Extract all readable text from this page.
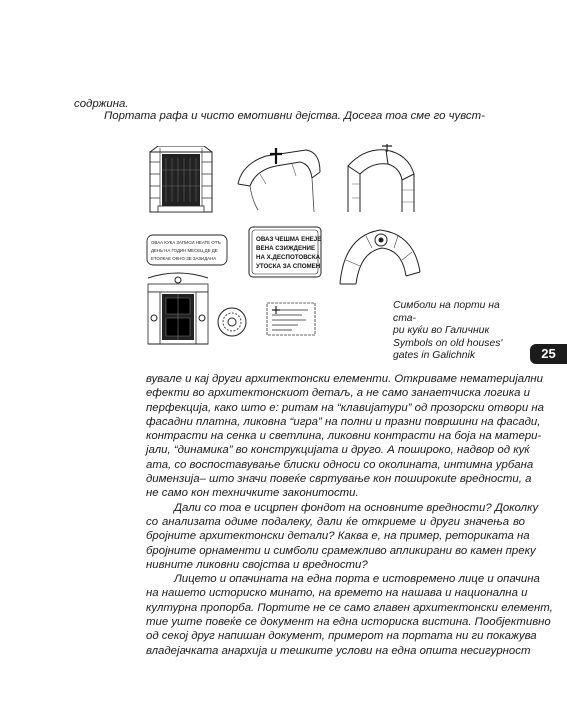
содржина.
Портата рафа и чисто емотивни дејства. Досега тоа сме го чувст-
ОВАА КУКА ЗАПИСИ НЕАТЕ ОТЪ
ДЕНЬ НА ГОДИН МЕСЕЦ ДЕ ДЕ
ЕТОЛКАЕ ОКНО ЗЕ ЗАЗИДАНА
ОВАЗ ЧЕШМА ЕНЕЈЕ
ВЕНА СЗИЖДЕНИЕ
НА Х.ДЕСПОТОВСКА
УТОСКА ЗА СПОМЕН
Симболи на порти на ста-
ри куќи во Галичник
Symbols on old houses'
gates in Galichnik	25
вувале и кај други архитектонски елементи. Откриваме нематеријални
ефекти во архитектонскиот детаљ, а не само занаетчиска логика и
перфекција, како што е: ритам на “клавијатури” од прозорски отвори на
фасадни платна, ликовна “игра” на полни и празни површини на фасади,
контрасти на сенка и светлина, ликовни контрасти на боја на матери-
јали, “динамика” во конструкцијата и друго. А пошироко, надвор од куќ
ата, со воспоставување блиски односи со околината, интимна урбана
димензија– што значи повеќе свртување кон поширокиte вредности, а
не само кон техничките законитости.
Дали со тоа е исцрпен фондот на основните вредности? Доколку
со анализата одиме подалеку, дали ќе откриеме и други значења во
бројните архитектонски детали? Каква е, на пример, реториката на
бројните орнаменти и симболи срамежливо апликирани во камен преку
нивните ликовни својства и вредности?
Лицето и опачината на една порта е истовремено лице и опачина
на нашето историско минато, на времето на нашава и национална и
културна пропорба. Портите не се само главен архитектонски елемент,
тие уште повеќе се документ на една историска вистина. Пообјективно
од секој друг напишан документ, примерот на портата ни ги покажува
владејачката анархија и тешките услови на една општа несигурност
